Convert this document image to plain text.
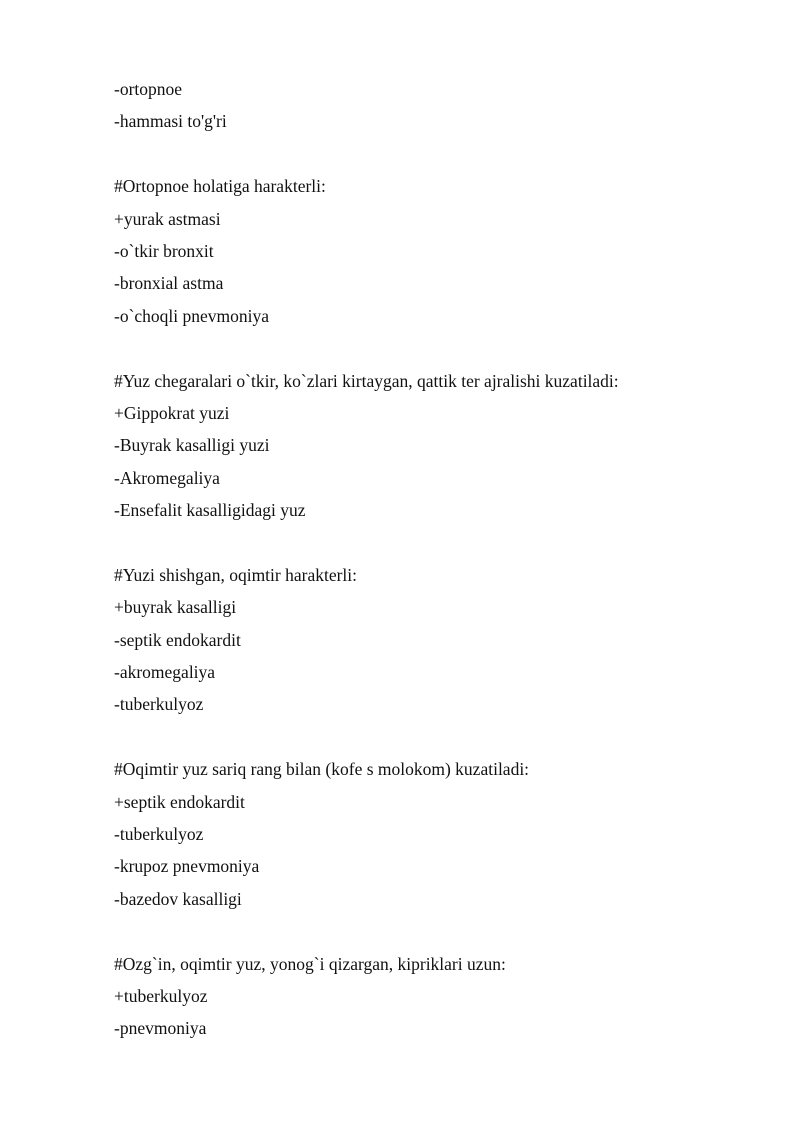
-ortopnoe
-hammasi to'g'ri
#Ortopnoe holatiga harakterli:
+yurak astmasi
-o`tkir bronxit
-bronxial astma
-o`choqli pnevmoniya
#Yuz chegaralari o`tkir, ko`zlari kirtaygan, qattik ter ajralishi kuzatiladi:
+Gippokrat yuzi
-Buyrak kasalligi yuzi
-Akromegaliya
-Ensefalit kasalligidagi yuz
#Yuzi shishgan, oqimtir harakterli:
+buyrak kasalligi
-septik endokardit
-akromegaliya
-tuberkulyoz
#Oqimtir yuz sariq rang bilan (kofe s molokom) kuzatiladi:
+septik endokardit
-tuberkulyoz
-krupoz pnevmoniya
-bazedov kasalligi
#Ozg`in, oqimtir yuz, yonog`i qizargan, kipriklari uzun:
+tuberkulyoz
-pnevmoniya
